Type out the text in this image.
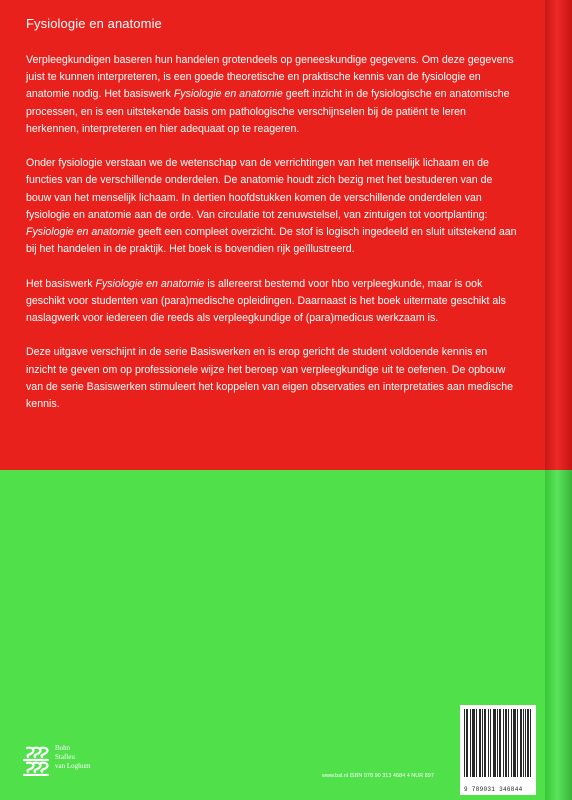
Fysiologie en anatomie

Verpleegkundigen baseren hun handelen grotendeels op geneeskundige gegevens. Om deze gegevens juist te kunnen interpreteren, is een goede theoretische en praktische kennis van de fysiologie en anatomie nodig. Het basiswerk Fysiologie en anatomie geeft inzicht in de fysiologische en anatomische processen, en is een uitstekende basis om pathologische verschijnselen bij de patiënt te leren herkennen, interpreteren en hier adequaat op te reageren.

Onder fysiologie verstaan we de wetenschap van de verrichtingen van het menselijk lichaam en de functies van de verschillende onderdelen. De anatomie houdt zich bezig met het bestuderen van de bouw van het menselijk lichaam. In dertien hoofdstukken komen de verschillende onderdelen van fysiologie en anatomie aan de orde. Van circulatie tot zenuwstelsel, van zintuigen tot voortplanting: Fysiologie en anatomie geeft een compleet overzicht. De stof is logisch ingedeeld en sluit uitstekend aan bij het handelen in de praktijk. Het boek is bovendien rijk geïllustreerd.

Het basiswerk Fysiologie en anatomie is allereerst bestemd voor hbo verpleegkunde, maar is ook geschikt voor studenten van (para)medische opleidingen. Daarnaast is het boek uitermate geschikt als naslagwerk voor iedereen die reeds als verpleegkundige of (para)medicus werkzaam is.

Deze uitgave verschijnt in de serie Basiswerken en is erop gericht de student voldoende kennis en inzicht te geven om op professionele wijze het beroep van verpleegkundige uit te oefenen. De opbouw van de serie Basiswerken stimuleert het koppelen van eigen observaties en interpretaties aan medische kennis.

Bohn
Stafleu
van Loghum
www.bsl.nl ISBN 978 90 313 4684 4 NUR 897
9 789031 346844
